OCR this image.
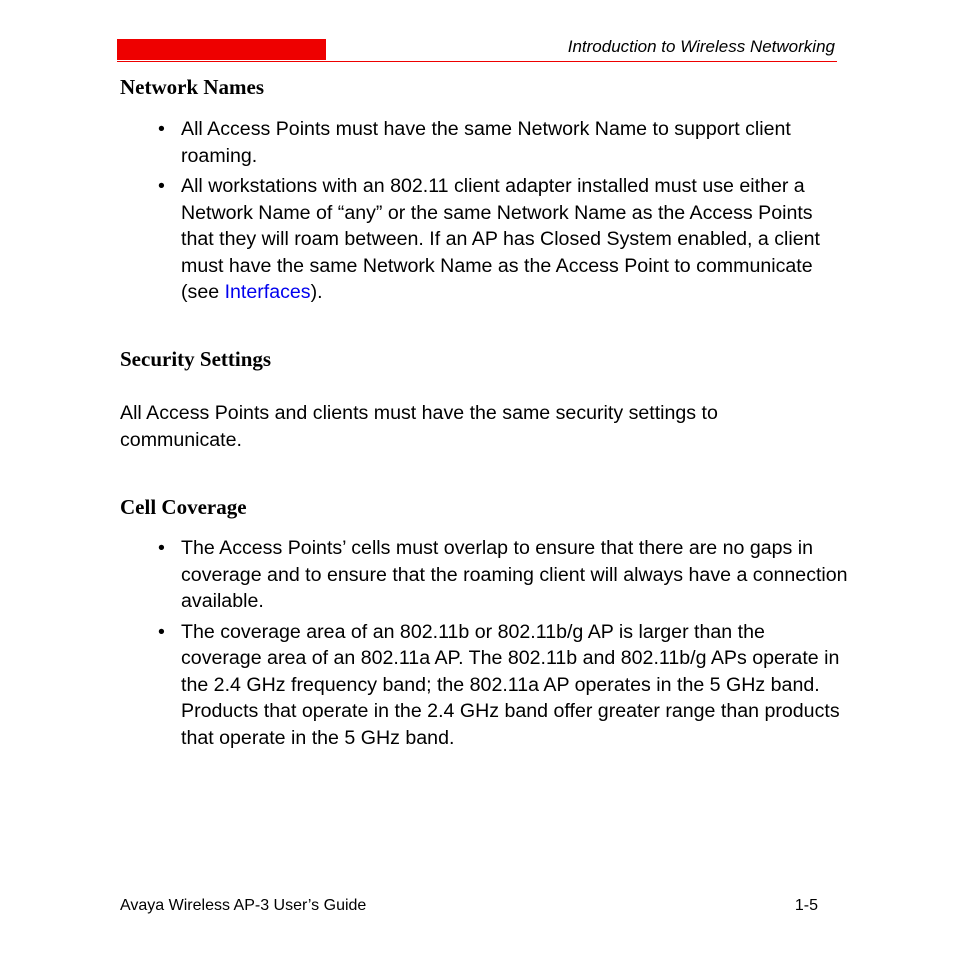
Introduction to Wireless Networking
Network Names
• All Access Points must have the same Network Name to support client roaming.
• All workstations with an 802.11 client adapter installed must use either a Network Name of “any” or the same Network Name as the Access Points that they will roam between. If an AP has Closed System enabled, a client must have the same Network Name as the Access Point to communicate (see Interfaces).
Security Settings

All Access Points and clients must have the same security settings to communicate.

Cell Coverage
• The Access Points’ cells must overlap to ensure that there are no gaps in coverage and to ensure that the roaming client will always have a connection available.
• The coverage area of an 802.11b or 802.11b/g AP is larger than the coverage area of an 802.11a AP. The 802.11b and 802.11b/g APs operate in the 2.4 GHz frequency band; the 802.11a AP operates in the 5 GHz band. Products that operate in the 2.4 GHz band offer greater range than products that operate in the 5 GHz band.
Avaya Wireless AP-3 User’s Guide	1-5
